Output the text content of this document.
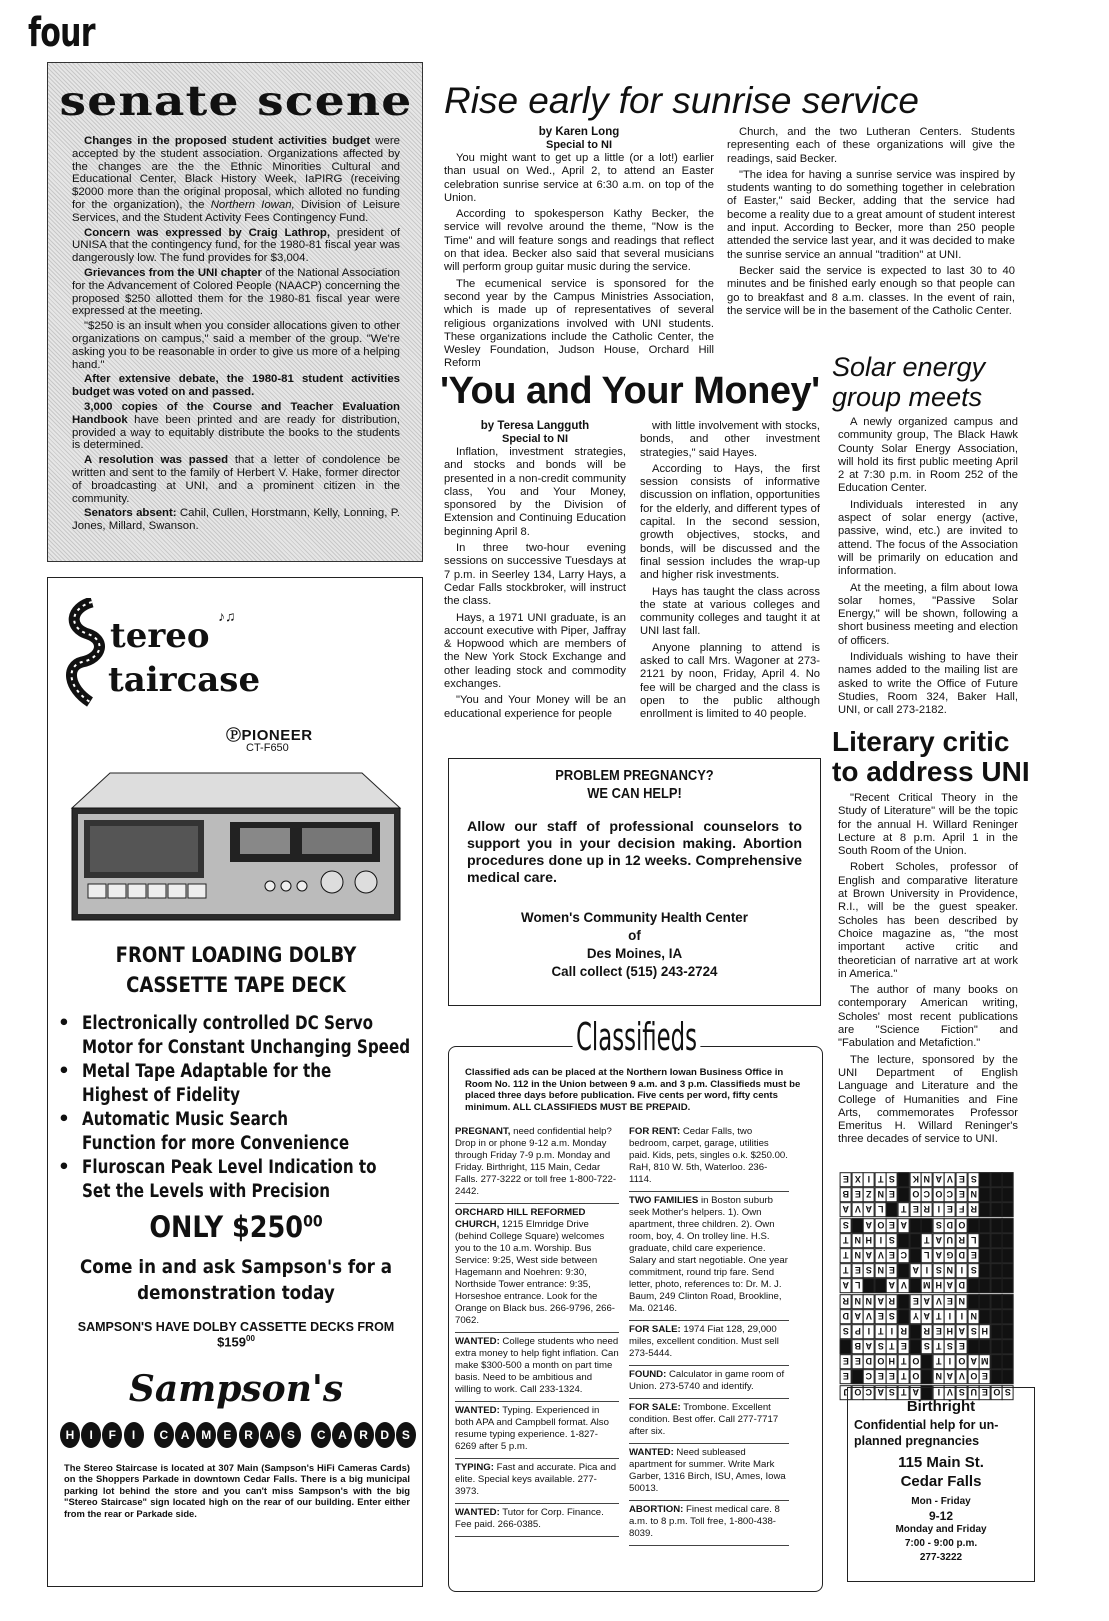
four
senate scene
Changes in the proposed student activities budget were accepted by the student association. Organizations affected by the changes are the the Ethnic Minorities Cultural and Educational Center, Black History Week, IaPIRG (receiving $2000 more than the original proposal, which alloted no funding for the organization), the Northern Iowan, Division of Leisure Services, and the Student Activity Fees Contingency Fund.
Concern was expressed by Craig Lathrop, president of UNISA that the contingency fund, for the 1980-81 fiscal year was dangerously low. The fund provides for $3,004.
Grievances from the UNI chapter of the National Association for the Advancement of Colored People (NAACP) concerning the proposed $250 allotted them for the 1980-81 fiscal year were expressed at the meeting.
"$250 is an insult when you consider allocations given to other organizations on campus," said a member of the group. "We're asking you to be reasonable in order to give us more of a helping hand."
After extensive debate, the 1980-81 student activities budget was voted on and passed.
3,000 copies of the Course and Teacher Evaluation Handbook have been printed and are ready for distribution, provided a way to equitably distribute the books to the students is determined.
A resolution was passed that a letter of condolence be written and sent to the family of Herbert V. Hake, former director of broadcasting at UNI, and a prominent citizen in the community.
Senators absent: Cahil, Cullen, Horstmann, Kelly, Lonning, P. Jones, Millard, Swanson.
Rise early for sunrise service
by Karen Long
Special to NI
You might want to get up a little (or a lot!) earlier than usual on Wed., April 2, to attend an Easter celebration sunrise service at 6:30 a.m. on top of the Union.
According to spokesperson Kathy Becker, the service will revolve around the theme, "Now is the Time" and will feature songs and readings that reflect on that idea. Becker also said that several musicians will perform group guitar music during the service.
The ecumenical service is sponsored for the second year by the Campus Ministries Association, which is made up of representatives of several religious organizations involved with UNI students. These organizations include the Catholic Center, the Wesley Foundation, Judson House, Orchard Hill Reform
Church, and the two Lutheran Centers. Students representing each of these organizations will give the readings, said Becker.
"The idea for having a sunrise service was inspired by students wanting to do something together in celebration of Easter," said Becker, adding that the service had become a reality due to a great amount of student interest and input. According to Becker, more than 250 people attended the service last year, and it was decided to make the sunrise service an annual "tradition" at UNI.
Becker said the service is expected to last 30 to 40 minutes and be finished early enough so that people can go to breakfast and 8 a.m. classes. In the event of rain, the service will be in the basement of the Catholic Center.
'You and Your Money'
by Teresa Langguth
Special to NI
Inflation, investment strategies, and stocks and bonds will be presented in a non-credit community class, You and Your Money, sponsored by the Division of Extension and Continuing Education beginning April 8.
In three two-hour evening sessions on successive Tuesdays at 7 p.m. in Seerley 134, Larry Hays, a Cedar Falls stockbroker, will instruct the class.
Hays, a 1971 UNI graduate, is an account executive with Piper, Jaffray & Hopwood which are members of the New York Stock Exchange and other leading stock and commodity exchanges.
"You and Your Money will be an educational experience for people
with little involvement with stocks, bonds, and other investment strategies," said Hayes.
According to Hays, the first session consists of informative discussion on inflation, opportunities for the elderly, and different types of capital. In the second session, growth objectives, stocks, and bonds, will be discussed and the final session includes the wrap-up and higher risk investments.
Hays has taught the class across the state at various colleges and community colleges and taught it at UNI last fall.
Anyone planning to attend is asked to call Mrs. Wagoner at 273-2121 by noon, Friday, April 4. No fee will be charged and the class is open to the public although enrollment is limited to 40 people.
Solar energy
group meets
A newly organized campus and community group, The Black Hawk County Solar Energy Association, will hold its first public meeting April 2 at 7:30 p.m. in Room 252 of the Education Center.
Individuals interested in any aspect of solar energy (active, passive, wind, etc.) are invited to attend. The focus of the Association will be primarily on education and information.
At the meeting, a film about Iowa solar homes, "Passive Solar Energy," will be shown, following a short business meeting and election of officers.
Individuals wishing to have their names added to the mailing list are asked to write the Office of Future Studies, Room 324, Baker Hall, UNI, or call 273-2182.
Literary critic
to address UNI
"Recent Critical Theory in the Study of Literature" will be the topic for the annual H. Willard Reninger Lecture at 8 p.m. April 1 in the South Room of the Union.
Robert Scholes, professor of English and comparative literature at Brown University in Providence, R.I., will be the guest speaker. Scholes has been described by Choice magazine as, "the most important active critic and theoretician of narrative art at work in America."
The author of many books on contemporary American writing, Scholes' most recent publications are "Science Fiction" and "Fabulation and Metafiction."
The lecture, sponsored by the UNI Department of English Language and Literature and the College of Humanities and Fine Arts, commemorates Professor Emeritus H. Willard Reninger's three decades of service to UNI.
tereo
taircase
♪♫
ⓅPIONEER
CT-F650
FRONT LOADING DOLBY
CASSETTE TAPE DECK
• Electronically controlled DC Servo
Motor for Constant Unchanging Speed
• Metal Tape Adaptable for the
Highest of Fidelity
• Automatic Music Search
Function for more Convenience
• Fluroscan Peak Level Indication to
Set the Levels with Precision
ONLY $\$250^{00}$
Come in and ask Sampson's for a
demonstration today
SAMPSON'S HAVE DOLBY CASSETTE DECKS FROM
$\$159^{00}$
Sampson's
H	I	F	I	C	A M	E	R	A	S	C	A	R	D	S
The Stereo Staircase is located at 307 Main (Sampson's HiFi Cameras Cards) on the Shoppers Parkade in downtown Cedar Falls. There is a big municipal parking lot behind the store and you can't miss Sampson's with the big "Stereo Staircase" sign located high on the rear of our building. Enter either from the rear or Parkade side.
PROBLEM PREGNANCY?
WE CAN HELP!
Allow our staff of professional counselors to support you in your decision making. Abortion procedures done up in 12 weeks. Comprehensive medical care.
Women's Community Health Center
of
Des Moines, IA
Call collect (515) 243-2724
Classifieds
Classified ads can be placed at the Northern Iowan Business Office in Room No. 112 in the Union between 9 a.m. and 3 p.m. Classifieds must be placed three days before publication. Five cents per word, fifty cents minimum. ALL CLASSIFIEDS MUST BE PREPAID.
PREGNANT, need confidential help? Drop in or phone 9-12 a.m. Monday through Friday 7-9 p.m. Monday and Friday. Birthright, 115 Main, Cedar Falls. 277-3222 or toll free 1-800-722-2442.
ORCHARD HILL REFORMED CHURCH, 1215 Elmridge Drive (behind College Square) welcomes you to the 10 a.m. Worship. Bus Service: 9:25, West side between Hagemann and Noehren: 9:30, Northside Tower entrance: 9:35, Horseshoe entrance. Look for the Orange on Black bus. 266-9796, 266-7062.
WANTED: College students who need extra money to help fight inflation. Can make $300-500 a month on part time basis. Need to be ambitious and willing to work. Call 233-1324.
WANTED: Typing. Experienced in both APA and Campbell format. Also resume typing experience. 1-827-6269 after 5 p.m.
TYPING: Fast and accurate. Pica and elite. Special keys available. 277-3973.
WANTED: Tutor for Corp. Finance. Fee paid. 266-0385.
FOR RENT: Cedar Falls, two bedroom, carpet, garage, utilities paid. Kids, pets, singles o.k. $250.00. RaH, 810 W. 5th, Waterloo. 236-1114.
TWO FAMILIES in Boston suburb seek Mother's helpers. 1). Own apartment, three children. 2). Own room, boy, 4. On trolley line. H.S. graduate, child care experience. Salary and start negotiable. One year commitment, round trip fare. Send letter, photo, references to: Dr. M. J. Baum, 249 Clinton Road, Brookline, Ma. 02146.
FOR SALE: 1974 Fiat 128, 29,000 miles, excellent condition. Must sell 273-5444.
FOUND: Calculator in game room of Union. 273-5740 and identify.
FOR SALE: Trombone. Excellent condition. Best offer. Call 277-7717 after six.
WANTED: Need subleased apartment for summer. Write Mark Garber, 1316 Birch, ISU, Ames, Iowa 50013.
ABORTION: Finest medical care. 8 a.m. to 8 p.m. Toll free, 1-800-438-8039.
E X I T S	K N A V E S
B E Z N E	O C O C E N
A V A L	T E R I E F R
S	A O E A	S D O
T N H I S	T A U R L
T N A V E C	L A G D E
T E S N E	A I S N I S
A L	A V	M H A D
R N N A R	E A V E N
D A V E S	Y A T I	I N
S P I T I R R E H A S H
B A S T E	S T S E
E E D O H T O	T I O A M
E	C E E T O N A V O E
J O C A S T A	I V S U E O S
Birthright
Confidential help for un-
planned pregnancies
115 Main St.
Cedar Falls
Mon - Friday
9-12
Monday and Friday
7:00 - 9:00 p.m.
277-3222
